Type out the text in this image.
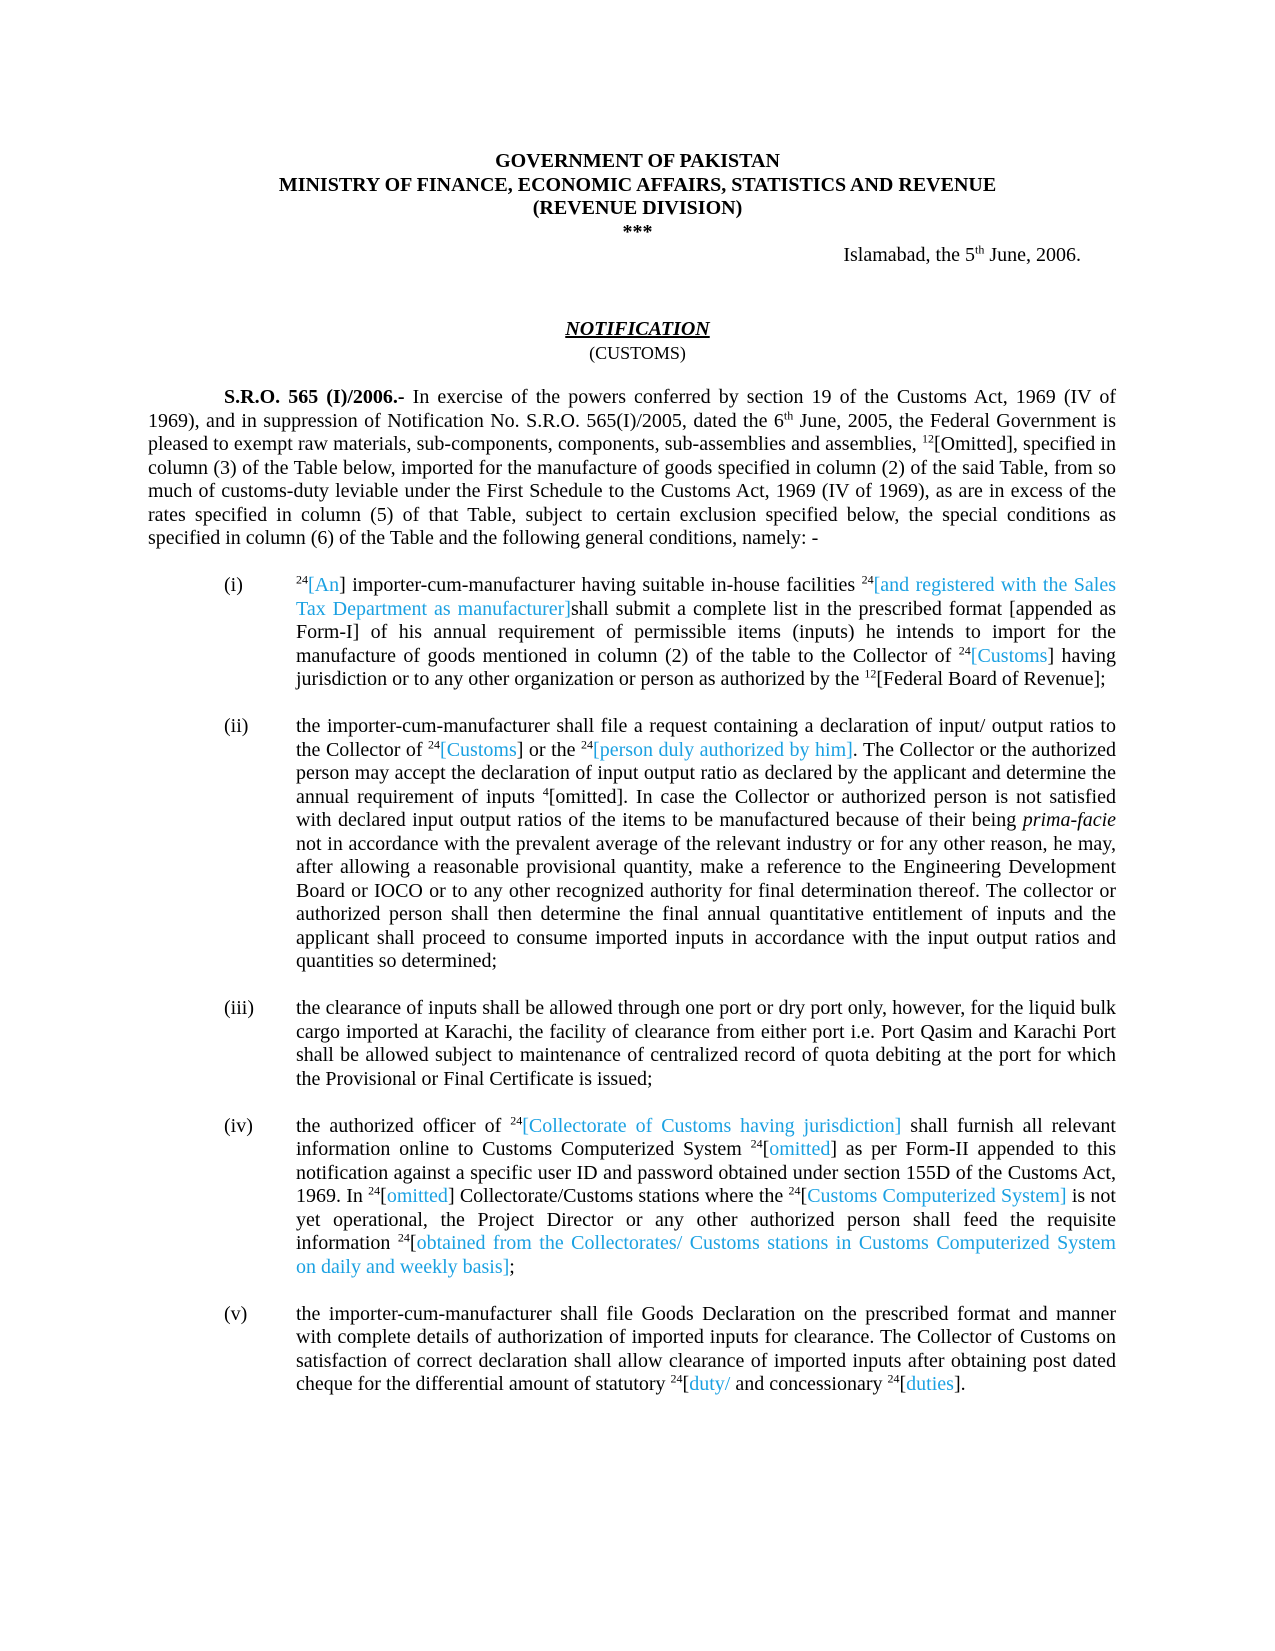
GOVERNMENT OF PAKISTAN
MINISTRY OF FINANCE, ECONOMIC AFFAIRS, STATISTICS AND REVENUE
(REVENUE DIVISION)
***
Islamabad, the 5th June, 2006.
NOTIFICATION
(CUSTOMS)
S.R.O. 565 (I)/2006.- In exercise of the powers conferred by section 19 of the Customs Act, 1969 (IV of 1969), and in suppression of Notification No. S.R.O. 565(I)/2005, dated the 6th June, 2005, the Federal Government is pleased to exempt raw materials, sub-components, components, sub-assemblies and assemblies, $^{12}$[Omitted], specified in column (3) of the Table below, imported for the manufacture of goods specified in column (2) of the said Table, from so much of customs-duty leviable under the First Schedule to the Customs Act, 1969 (IV of 1969), as are in excess of the rates specified in column (5) of that Table, subject to certain exclusion specified below, the special conditions as specified in column (6) of the Table and the following general conditions, namely: -
(i)	$^{24}$[An] importer-cum-manufacturer having suitable in-house facilities $^{24}$[and registered with the Sales Tax Department as manufacturer]shall submit a complete list in the prescribed format [appended as Form-I] of his annual requirement of permissible items (inputs) he intends to import for the manufacture of goods mentioned in column (2) of the table to the Collector of $^{24}$[Customs] having jurisdiction or to any other organization or person as authorized by the $^{12}$[Federal Board of Revenue];
(ii) the importer-cum-manufacturer shall file a request containing a declaration of input/ output ratios to the Collector of $^{24}$[Customs] or the $^{24}$[person duly authorized by him]. The Collector or the authorized person may accept the declaration of input output ratio as declared by the applicant and determine the annual requirement of inputs $^4$[omitted]. In case the Collector or authorized person is not satisfied with declared input output ratios of the items to be manufactured because of their being prima-facie not in accordance with the prevalent average of the relevant industry or for any other reason, he may, after allowing a reasonable provisional quantity, make a reference to the Engineering Development Board or IOCO or to any other recognized authority for final determination thereof. The collector or authorized person shall then determine the final annual quantitative entitlement of inputs and the applicant shall proceed to consume imported inputs in accordance with the input output ratios and quantities so determined;
(iii) the clearance of inputs shall be allowed through one port or dry port only, however, for the liquid bulk cargo imported at Karachi, the facility of clearance from either port i.e. Port Qasim and Karachi Port shall be allowed subject to maintenance of centralized record of quota debiting at the port for which the Provisional or Final Certificate is issued;
(iv) the authorized officer of $^{24}$[Collectorate of Customs having jurisdiction] shall furnish all relevant information online to Customs Computerized System $^{24}$[omitted] as per Form-II appended to this notification against a specific user ID and password obtained under section 155D of the Customs Act, 1969. In $^{24}$[omitted] Collectorate/Customs stations where the $^{24}$[Customs Computerized System] is not yet operational, the Project Director or any other authorized person shall feed the requisite information $^{24}$[obtained from the Collectorates/ Customs stations in Customs Computerized System on daily and weekly basis];
(v) the importer-cum-manufacturer shall file Goods Declaration on the prescribed format and manner with complete details of authorization of imported inputs for clearance. The Collector of Customs on satisfaction of correct declaration shall allow clearance of imported inputs after obtaining post dated cheque for the differential amount of statutory $^{24}$[duty/ and concessionary $^{24}$[duties].
